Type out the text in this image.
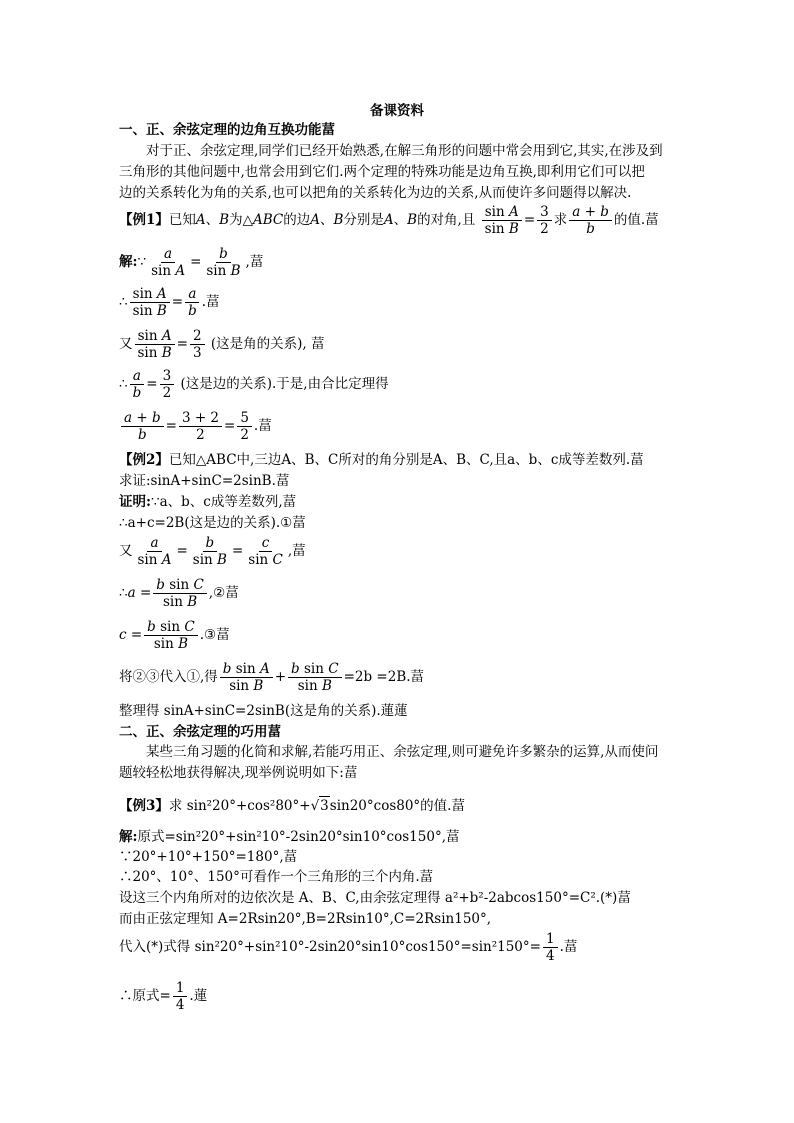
备课资料
一、正、余弦定理的边角互换功能葍
对于正、余弦定理,同学们已经开始熟悉,在解三角形的问题中常会用到它,其实,在涉及到
三角形的其他问题中,也常会用到它们.两个定理的特殊功能是边角互换,即利用它们可以把
边的关系转化为角的关系,也可以把角的关系转化为边的关系,从而使许多问题得以解决.
【例1】已知A、B为△ABC的边A、B分别是A、B的对角,且 $\frac{\text{sin A}}{\text{sin B}} = \frac{3}{2}$ 求 $\frac{a + b}{b}$ 的值.葍
解:∵ $\frac{a}{\text{sin A}} = \frac{b}{\text{sin B}}$ ,葍
∴ $\frac{\text{sin A}}{\text{sin B}} = \frac{a}{b}$ .葍
又 $\frac{\text{sin A}}{\text{sin B}} = \frac{2}{3}$ (这是角的关系), 葍
∴ $\frac{a}{b} = \frac{3}{2}$ (这是边的关系).于是,由合比定理得
$\frac{a + b}{b} = \frac{3 + 2}{2} = \frac{5}{2}$ .葍
【例2】已知△ABC中,三边A、B、C所对的角分别是A、B、C,且a、b、c成等差数列.葍
求证:sinA+sinC=2sinB.葍
证明:∵a、b、c成等差数列,葍
∴a+c=2B(这是边的关系).①葍
又 $\frac{a}{\text{sin A}} = \frac{b}{\text{sin B}} = \frac{c}{\text{sin C}}$ ,葍
∴a = $\frac{\text{b sin C}}{\text{sin B}}$ ,②葍
$c = \frac{\text{b sin C}}{\text{sin B}}$ .③葍
将②③代入①,得 $\frac{\text{b sin A}}{\text{sin B}} + \frac{\text{b sin C}}{\text{sin B}} =2b =2B$.葍
整理得 sinA+sinC=2sinB(这是角的关系).蓮蓮
二、正、余弦定理的巧用葍
某些三角习题的化简和求解,若能巧用正、余弦定理,则可避免许多繁杂的运算,从而使问
题较轻松地获得解决,现举例说明如下:葍
【例3】求 sin²20°+cos²80°+√3sin20°cos80°的值.葍
解:原式=sin²20°+sin²10°-2sin20°sin10°cos150°,葍
∵20°+10°+150°=180°,葍
∴20°、10°、150°可看作一个三角形的三个内角.葍
设这三个内角所对的边依次是 A、B、C,由余弦定理得 a²+b²-2abcos150°=C².(*)葍
而由正弦定理知 A=2Rsin20°,B=2Rsin10°,C=2Rsin150°,
代入(*)式得 $\sin^220^\circ+\sin^210^\circ-2\sin 20^\circ\sin 10^\circ\cos 150^\circ=\sin^2150^\circ= \frac{1}{4}$ .葍
∴原式= $\frac{1}{4}$ .蓮
